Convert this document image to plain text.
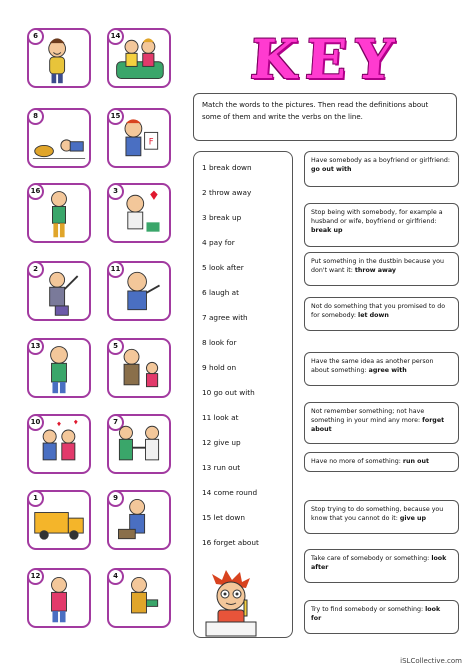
KEY
6	14
8	15
F
16	3
2	11
13	5
10	7
1	9
12	4
Match the words to the pictures. Then read the definitions about some of them and write the verbs on the line.
1 break down
2 throw away
3 break up
4 pay for
5 look after
6 laugh at
7 agree with
8 look for
9 hold on
10 go out with
11 look at
12 give up
13 run out
14 come round
15 let down
16 forget about
Have somebody as a boyfriend or girlfriend: go out with
Stop being with somebody, for example a husband or wife, boyfriend or girlfriend: break up
Put something in the dustbin because you don't want it: throw away
Not do something that you promised to do for somebody: let down
Have the same idea as another person about something: agree with
Not remember something; not have something in your mind any more: forget about
Have no more of something: run out
Stop trying to do something, because you know that you cannot do it: give up
Take care of somebody or something: look after
Try to find somebody or something: look for
iSLCollective.com
